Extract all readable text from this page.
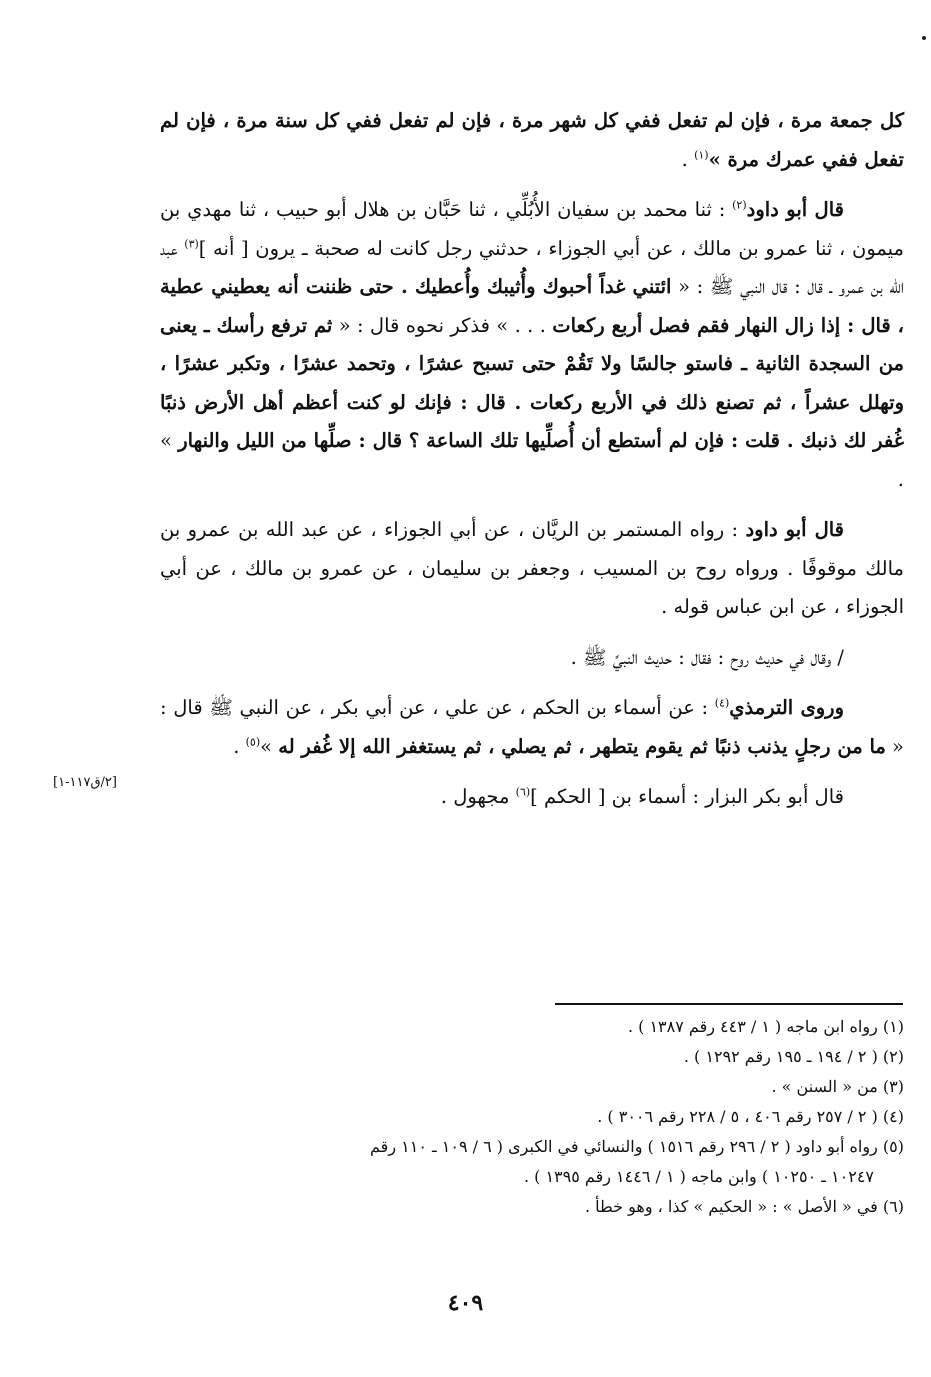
كل جمعة مرة ، فإن لم تفعل ففي كل شهر مرة ، فإن لم تفعل ففي كل سنة مرة ، فإن لم تفعل ففي عمرك مرة »$^{(١)}$ .

قال أبو داود$^{(٢)}$ : ثنا محمد بن سفيان الأُبُلِّي ، ثنا حَبَّان بن هلال أبو حبيب ، ثنا مهدي بن ميمون ، ثنا عمرو بن مالك ، عن أبي الجوزاء ، حدثني رجل كانت له صحبة ـ يرون [ أنه ]$^{(٣)}$ عبد الله بن عمرو ـ قال : قال النبي ﷺ : « ائتني غداً أحبوك وأُثيبك وأُعطيك . حتى ظننت أنه يعطيني عطية ، قال : إذا زال النهار فقم فصل أربع ركعات . . . » فذكر نحوه قال : « ثم ترفع رأسك ـ يعنى من السجدة الثانية ـ فاستو جالسًا ولا تَقُمْ حتى تسبح عشرًا ، وتحمد عشرًا ، وتكبر عشرًا ، وتهلل عشراً ، ثم تصنع ذلك في الأربع ركعات . قال : فإنك لو كنت أعظم أهل الأرض ذنبًا غُفر لك ذنبك . قلت : فإن لم أستطع أن أُصلِّيها تلك الساعة ؟ قال : صلِّها من الليل والنهار » .

قال أبو داود : رواه المستمر بن الريَّان ، عن أبي الجوزاء ، عن عبد الله بن عمرو بن مالك موقوفًا . ورواه روح بن المسيب ، وجعفر بن سليمان ، عن عمرو بن مالك ، عن أبي الجوزاء ، عن ابن عباس قوله .

/ وقال في حديث روح : فقال : حديث النبيِّ ﷺ .

وروى الترمذي$^{(٤)}$ : عن أسماء بن الحكم ، عن علي ، عن أبي بكر ، عن النبي ﷺ قال : « ما من رجلٍ يذنب ذنبًا ثم يقوم يتطهر ، ثم يصلي ، ثم يستغفر الله إلا غُفر له »$^{(٥)}$ .

قال أبو بكر البزار : أسماء بن [ الحكم ]$^{(٦)}$ مجهول .

[٢/ق١١٧-١]
(١) رواه ابن ماجه ( ١ / ٤٤٣ رقم ١٣٨٧ ) .
(٢) ( ٢ / ١٩٤ ـ ١٩٥ رقم ١٢٩٢ ) .
(٣) من « السنن » .
(٤) ( ٢ / ٢٥٧ رقم ٤٠٦ ، ٥ / ٢٢٨ رقم ٣٠٠٦ ) .
(٥) رواه أبو داود ( ٢ / ٢٩٦ رقم ١٥١٦ ) والنسائي في الكبرى ( ٦ / ١٠٩ ـ ١١٠ رقم
١٠٢٤٧ ـ ١٠٢٥٠ ) وابن ماجه ( ١ / ١٤٤٦ رقم ١٣٩٥ ) .
(٦) في « الأصل » : « الحكيم » كذا ، وهو خطأ .
٤٠٩
